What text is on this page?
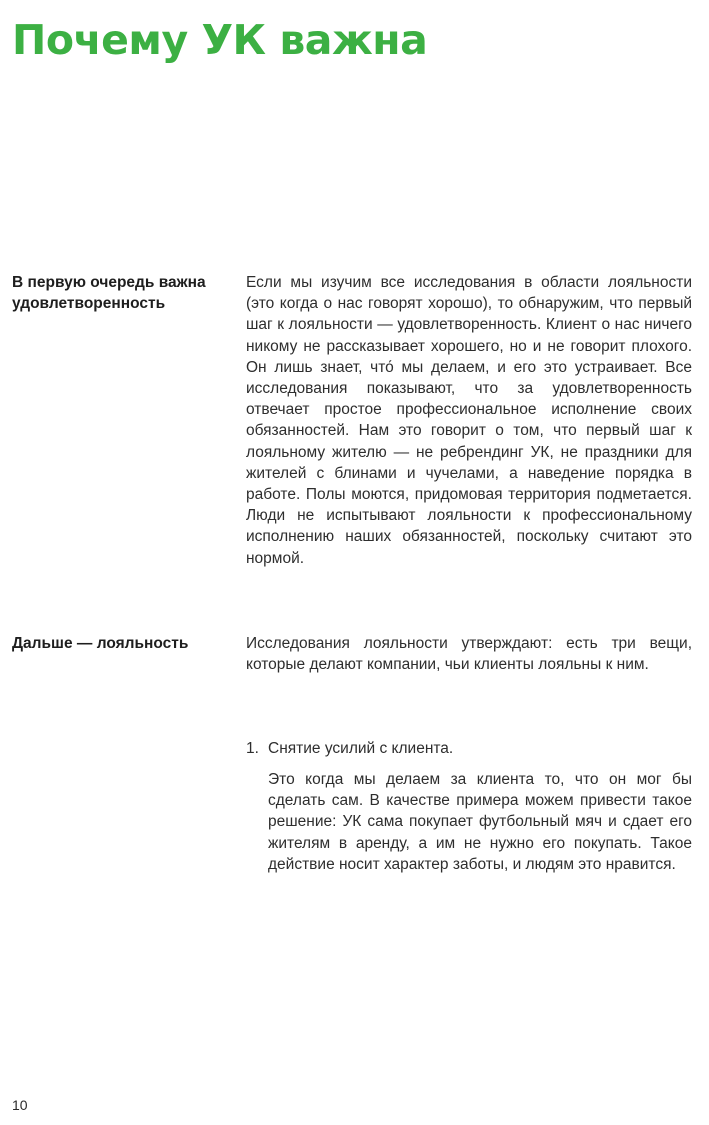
Почему УК важна

В первую очередь важна удовлетворенность

Если мы изучим все исследования в области лояльности (это когда о нас говорят хорошо), то обнаружим, что первый шаг к лояльности — удовлетворенность. Клиент о нас ничего никому не рассказывает хорошего, но и не говорит плохого. Он лишь знает, что́ мы делаем, и его это устраивает. Все исследования показывают, что за удовлетворенность отвечает простое профессиональное исполнение своих обязанностей. Нам это говорит о том, что первый шаг к лояльному жителю — не ребрендинг УК, не праздники для жителей с блинами и чучелами, а наведение порядка в работе. Полы моются, придомовая территория подметается. Люди не испытывают лояльности к профессиональному исполнению наших обязанностей, поскольку считают это нормой.

Дальше — лояльность	Исследования лояльности утверждают: есть три вещи, которые делают компании, чьи клиенты лояльны к ним.

1. Снятие усилий с клиента.

Это когда мы делаем за клиента то, что он мог бы сделать сам. В качестве примера можем привести такое решение: УК сама покупает футбольный мяч и сдает его жителям в аренду, а им не нужно его покупать. Такое действие носит характер заботы, и людям это нравится.

10
